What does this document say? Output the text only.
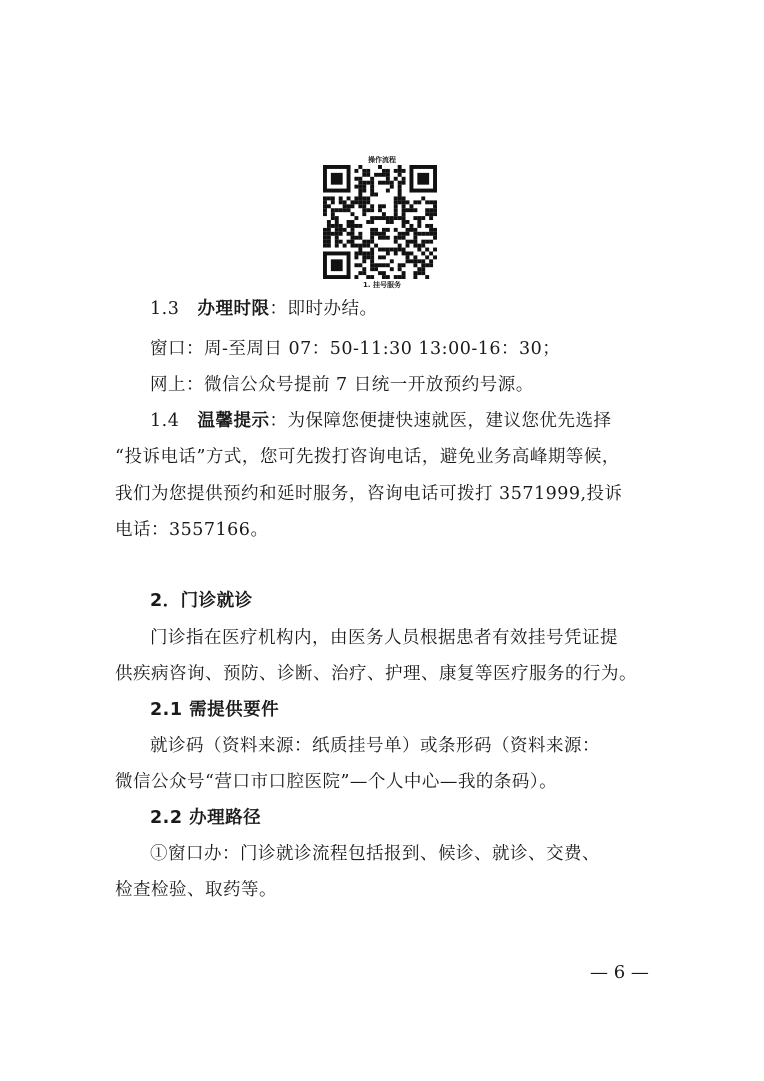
操作流程
1. 挂号服务
1.3 办理时限：即时办结。
窗口：周-至周日 07：50-11:30 13:00-16：30；
网上：微信公众号提前 7 日统一开放预约号源。
1.4 温馨提示：为保障您便捷快速就医，建议您优先选择
“投诉电话”方式，您可先拨打咨询电话，避免业务高峰期等候，
我们为您提供预约和延时服务，咨询电话可拨打 3571999,投诉
电话：3557166。
2．门诊就诊
门诊指在医疗机构内，由医务人员根据患者有效挂号凭证提
供疾病咨询、预防、诊断、治疗、护理、康复等医疗服务的行为。
2.1 需提供要件
就诊码（资料来源：纸质挂号单）或条形码（资料来源：
微信公众号“营口市口腔医院”—个人中心—我的条码）。
2.2 办理路径
①窗口办：门诊就诊流程包括报到、候诊、就诊、交费、
检查检验、取药等。
— 6 —
